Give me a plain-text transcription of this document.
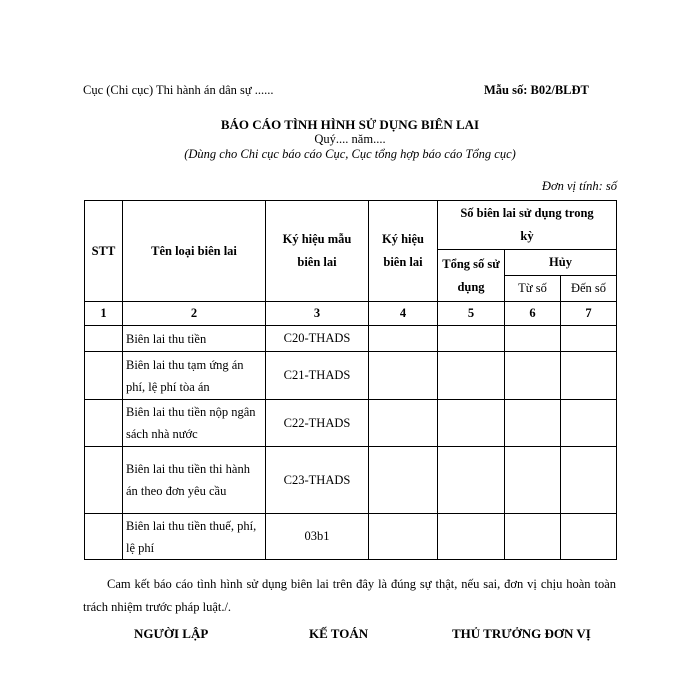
Cục (Chi cục) Thi hành án dân sự ......	Mẫu số: B02/BLĐT
BÁO CÁO TÌNH HÌNH SỬ DỤNG BIÊN LAI
Quý.... năm....
(Dùng cho Chi cục báo cáo Cục, Cục tổng hợp báo cáo Tổng cục)
Đơn vị tính: số
STT	Tên loại biên lai	Ký hiệu mẫu biên lai	Ký hiệu biên lai	Số biên lai sử dụng trong kỳ		
				Tổng số sử dụng	Hủy	
					Từ số	Đến số
1	2	3	4	5	6	7
	Biên lai thu tiền	C20-THADS				
	Biên lai thu tạm ứng án phí, lệ phí tòa án	C21-THADS				
	Biên lai thu tiền nộp ngân sách nhà nước	C22-THADS				
	Biên lai thu tiền thi hành án theo đơn yêu cầu	C23-THADS				
	Biên lai thu tiền thuế, phí, lệ phí	03b1				
Cam kết báo cáo tình hình sử dụng biên lai trên đây là đúng sự thật, nếu sai, đơn vị chịu hoàn toàn trách nhiệm trước pháp luật./.
NGƯỜI LẬP	KẾ TOÁN	THỦ TRƯỞNG ĐƠN VỊ
